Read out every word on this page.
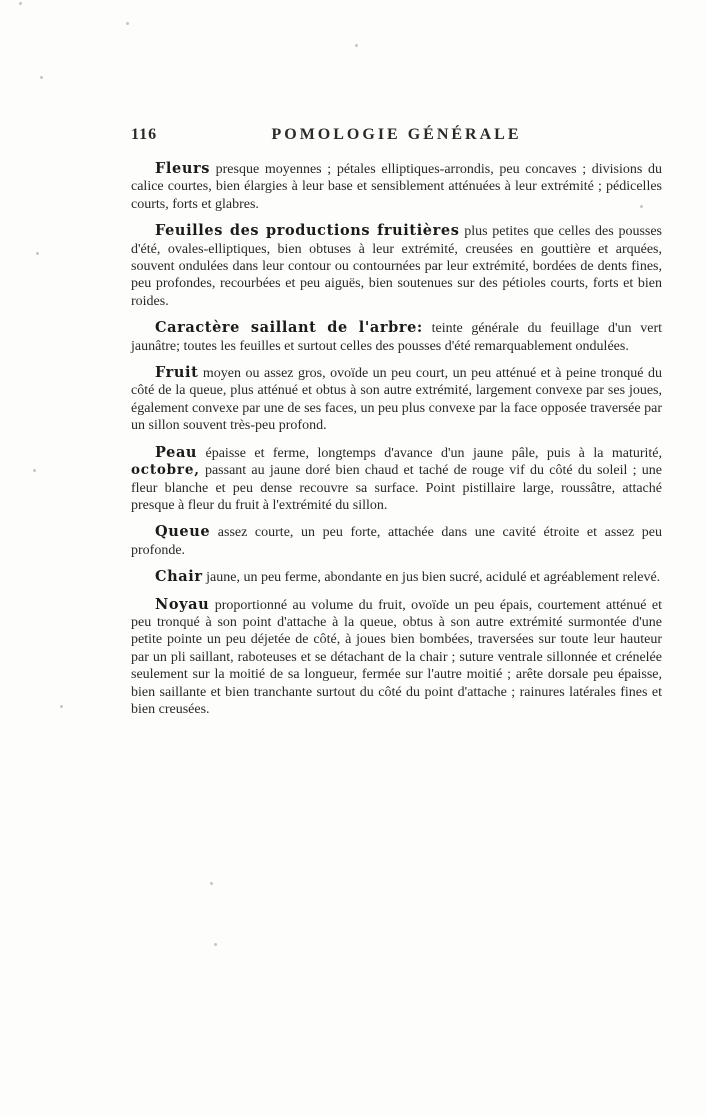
116	POMOLOGIE GÉNÉRALE

Fleurs presque moyennes ; pétales elliptiques-arrondis, peu concaves ; divisions du calice courtes, bien élargies à leur base et sensiblement atténuées à leur extrémité ; pédicelles courts, forts et glabres.

Feuilles des productions fruitières plus petites que celles des pousses d'été, ovales-elliptiques, bien obtuses à leur extrémité, creusées en gouttière et arquées, souvent ondulées dans leur contour ou contournées par leur extrémité, bordées de dents fines, peu profondes, recourbées et peu aiguës, bien soutenues sur des pétioles courts, forts et bien roides.

Caractère saillant de l'arbre: teinte générale du feuillage d'un vert jaunâtre; toutes les feuilles et surtout celles des pousses d'été remarquablement ondulées.

Fruit moyen ou assez gros, ovoïde un peu court, un peu atténué et à peine tronqué du côté de la queue, plus atténué et obtus à son autre extrémité, largement convexe par ses joues, également convexe par une de ses faces, un peu plus convexe par la face opposée traversée par un sillon souvent très-peu profond.

Peau épaisse et ferme, longtemps d'avance d'un jaune pâle, puis à la maturité, octobre, passant au jaune doré bien chaud et taché de rouge vif du côté du soleil ; une fleur blanche et peu dense recouvre sa surface. Point pistillaire large, roussâtre, attaché presque à fleur du fruit à l'extrémité du sillon.

Queue assez courte, un peu forte, attachée dans une cavité étroite et assez peu profonde.

Chair jaune, un peu ferme, abondante en jus bien sucré, acidulé et agréablement relevé.

Noyau proportionné au volume du fruit, ovoïde un peu épais, courtement atténué et peu tronqué à son point d'attache à la queue, obtus à son autre extrémité surmontée d'une petite pointe un peu déjetée de côté, à joues bien bombées, traversées sur toute leur hauteur par un pli saillant, raboteuses et se détachant de la chair ; suture ventrale sillonnée et crénelée seulement sur la moitié de sa longueur, fermée sur l'autre moitié ; arête dorsale peu épaisse, bien saillante et bien tranchante surtout du côté du point d'attache ; rainures latérales fines et bien creusées.
